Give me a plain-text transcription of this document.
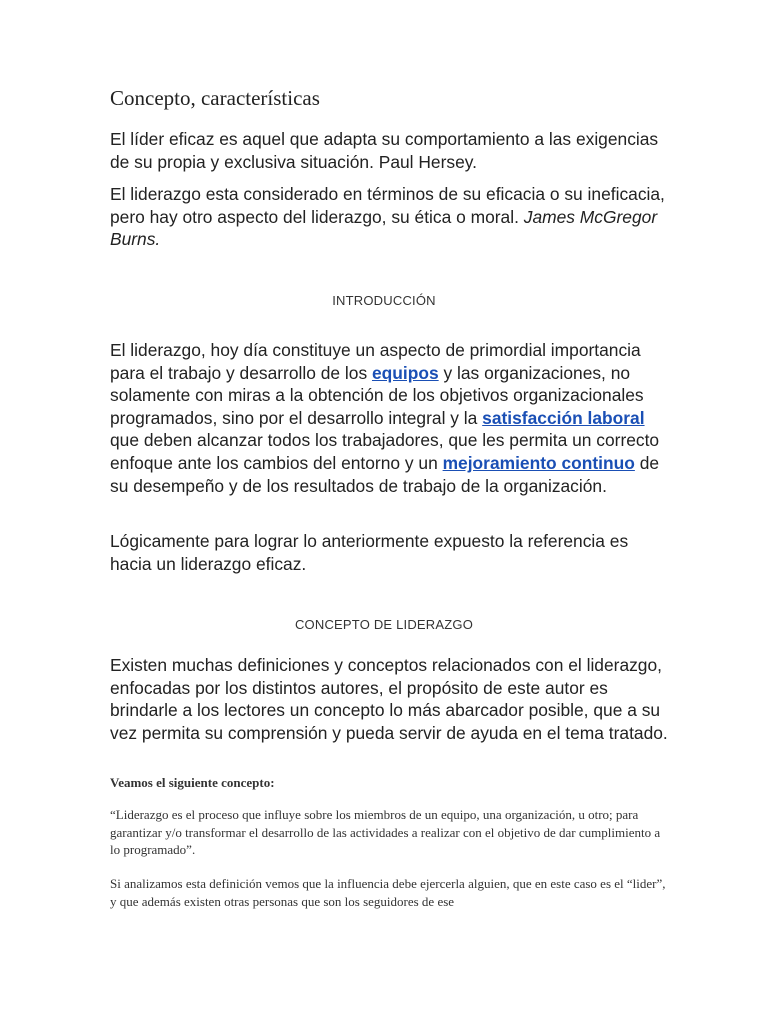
Concepto, características

El líder eficaz es aquel que adapta su comportamiento a las exigencias de su propia y exclusiva situación. Paul Hersey.

El liderazgo esta considerado en términos de su eficacia o su ineficacia, pero hay otro aspecto del liderazgo, su ética o moral. James McGregor Burns.

INTRODUCCIÓN

El liderazgo, hoy día constituye un aspecto de primordial importancia para el trabajo y desarrollo de los equipos y las organizaciones, no solamente con miras a la obtención de los objetivos organizacionales programados, sino por el desarrollo integral y la satisfacción laboral que deben alcanzar todos los trabajadores, que les permita un correcto enfoque ante los cambios del entorno y un mejoramiento continuo de su desempeño y de los resultados de trabajo de la organización.

Lógicamente para lograr lo anteriormente expuesto la referencia es hacia un liderazgo eficaz.

CONCEPTO DE LIDERAZGO

Existen muchas definiciones y conceptos relacionados con el liderazgo, enfocadas por los distintos autores, el propósito de este autor es brindarle a los lectores un concepto lo más abarcador posible, que a su vez permita su comprensión y pueda servir de ayuda en el tema tratado.

Veamos el siguiente concepto:

“Liderazgo es el proceso que influye sobre los miembros de un equipo, una organización, u otro; para garantizar y/o transformar el desarrollo de las actividades a realizar con el objetivo de dar cumplimiento a lo programado”.

Si analizamos esta definición vemos que la influencia debe ejercerla alguien, que en este caso es el “lider”, y que además existen otras personas que son los seguidores de ese
